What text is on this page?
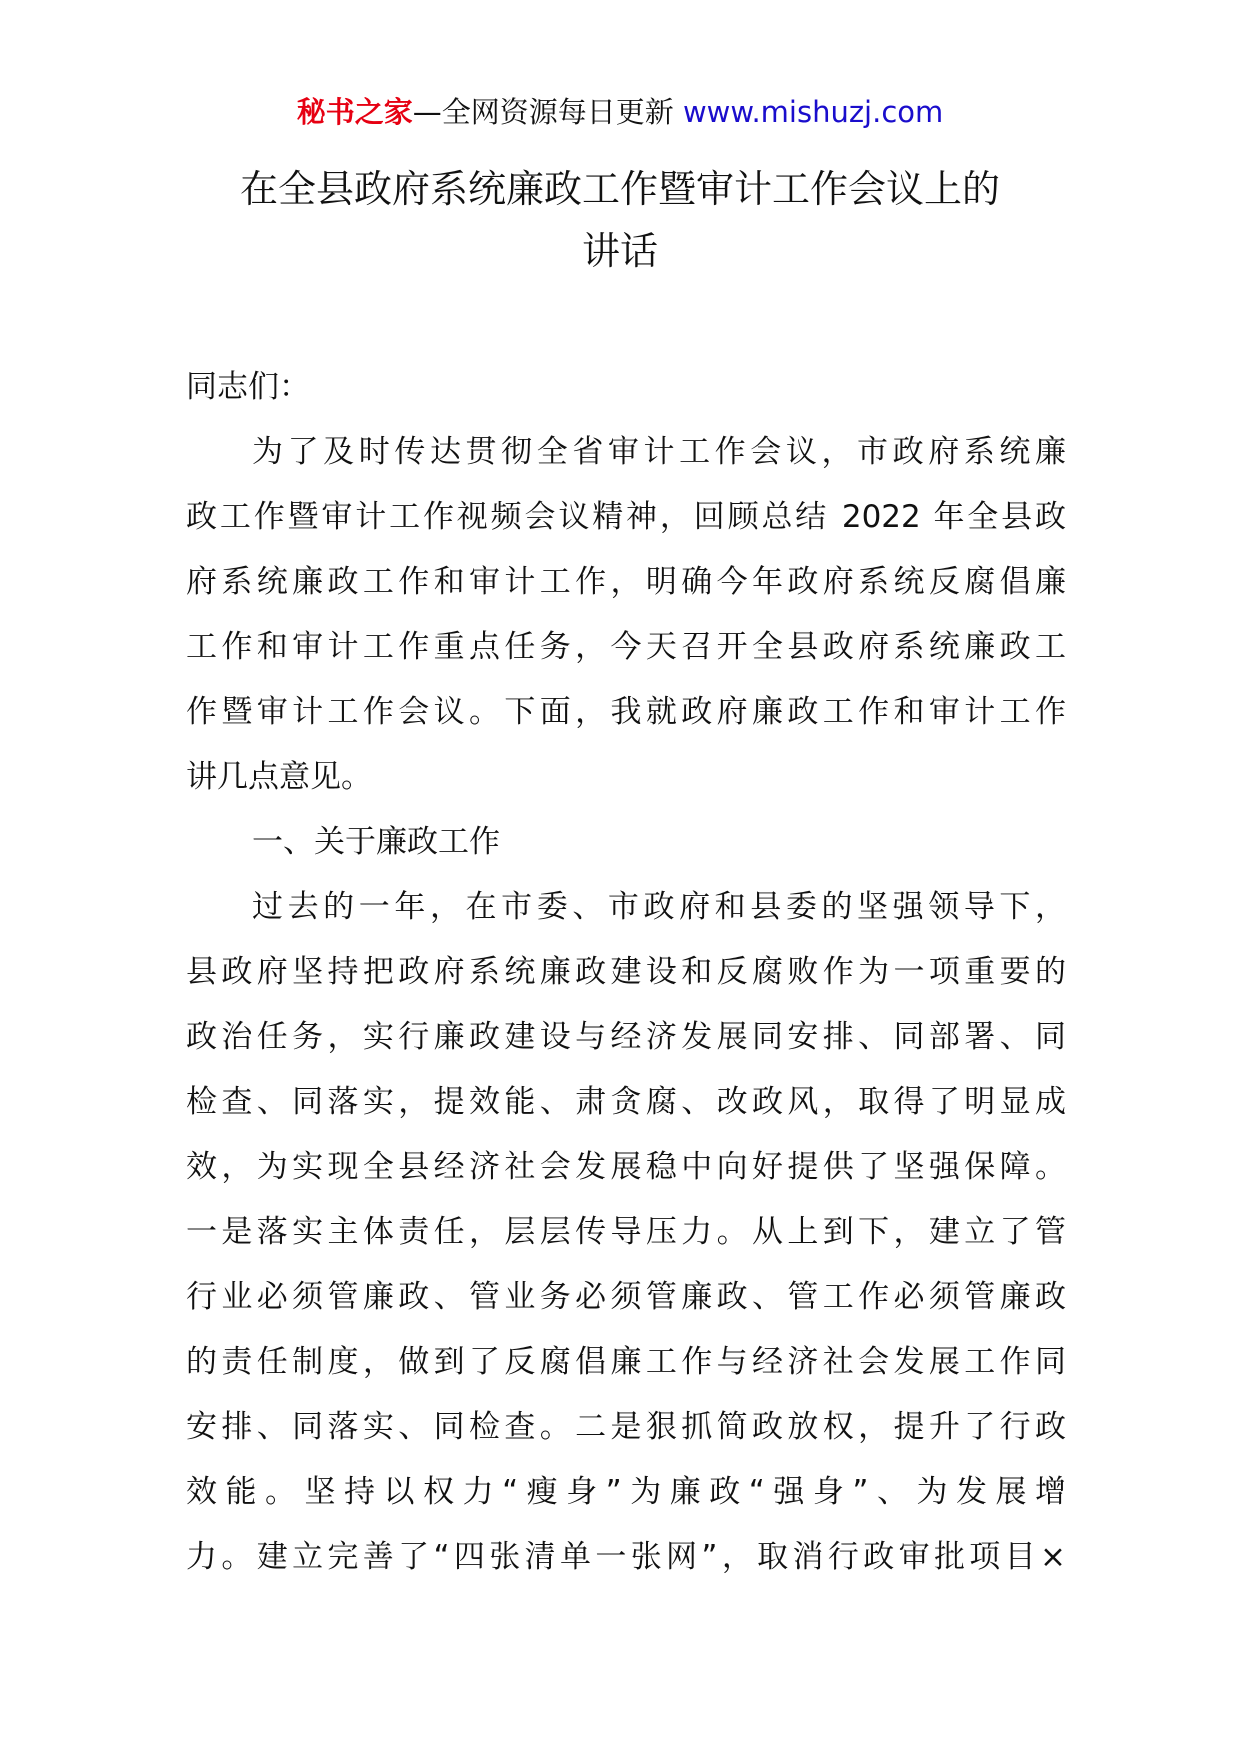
秘书之家—全网资源每日更新 www.mishuzj.com
在全县政府系统廉政工作暨审计工作会议上的
讲话
同志们：
为了及时传达贯彻全省审计工作会议，市政府系统廉
政工作暨审计工作视频会议精神，回顾总结 2022 年全县政
府系统廉政工作和审计工作，明确今年政府系统反腐倡廉
工作和审计工作重点任务，今天召开全县政府系统廉政工
作暨审计工作会议。下面，我就政府廉政工作和审计工作
讲几点意见。
一、关于廉政工作
过去的一年，在市委、市政府和县委的坚强领导下，
县政府坚持把政府系统廉政建设和反腐败作为一项重要的
政治任务，实行廉政建设与经济发展同安排、同部署、同
检查、同落实，提效能、肃贪腐、改政风，取得了明显成
效，为实现全县经济社会发展稳中向好提供了坚强保障。
一是落实主体责任，层层传导压力。从上到下，建立了管
行业必须管廉政、管业务必须管廉政、管工作必须管廉政
的责任制度，做到了反腐倡廉工作与经济社会发展工作同
安排、同落实、同检查。二是狠抓简政放权，提升了行政
效能。坚持以权力“瘦身”为廉政“强身”、为发展增
力。建立完善了“四张清单一张网”，取消行政审批项目×
